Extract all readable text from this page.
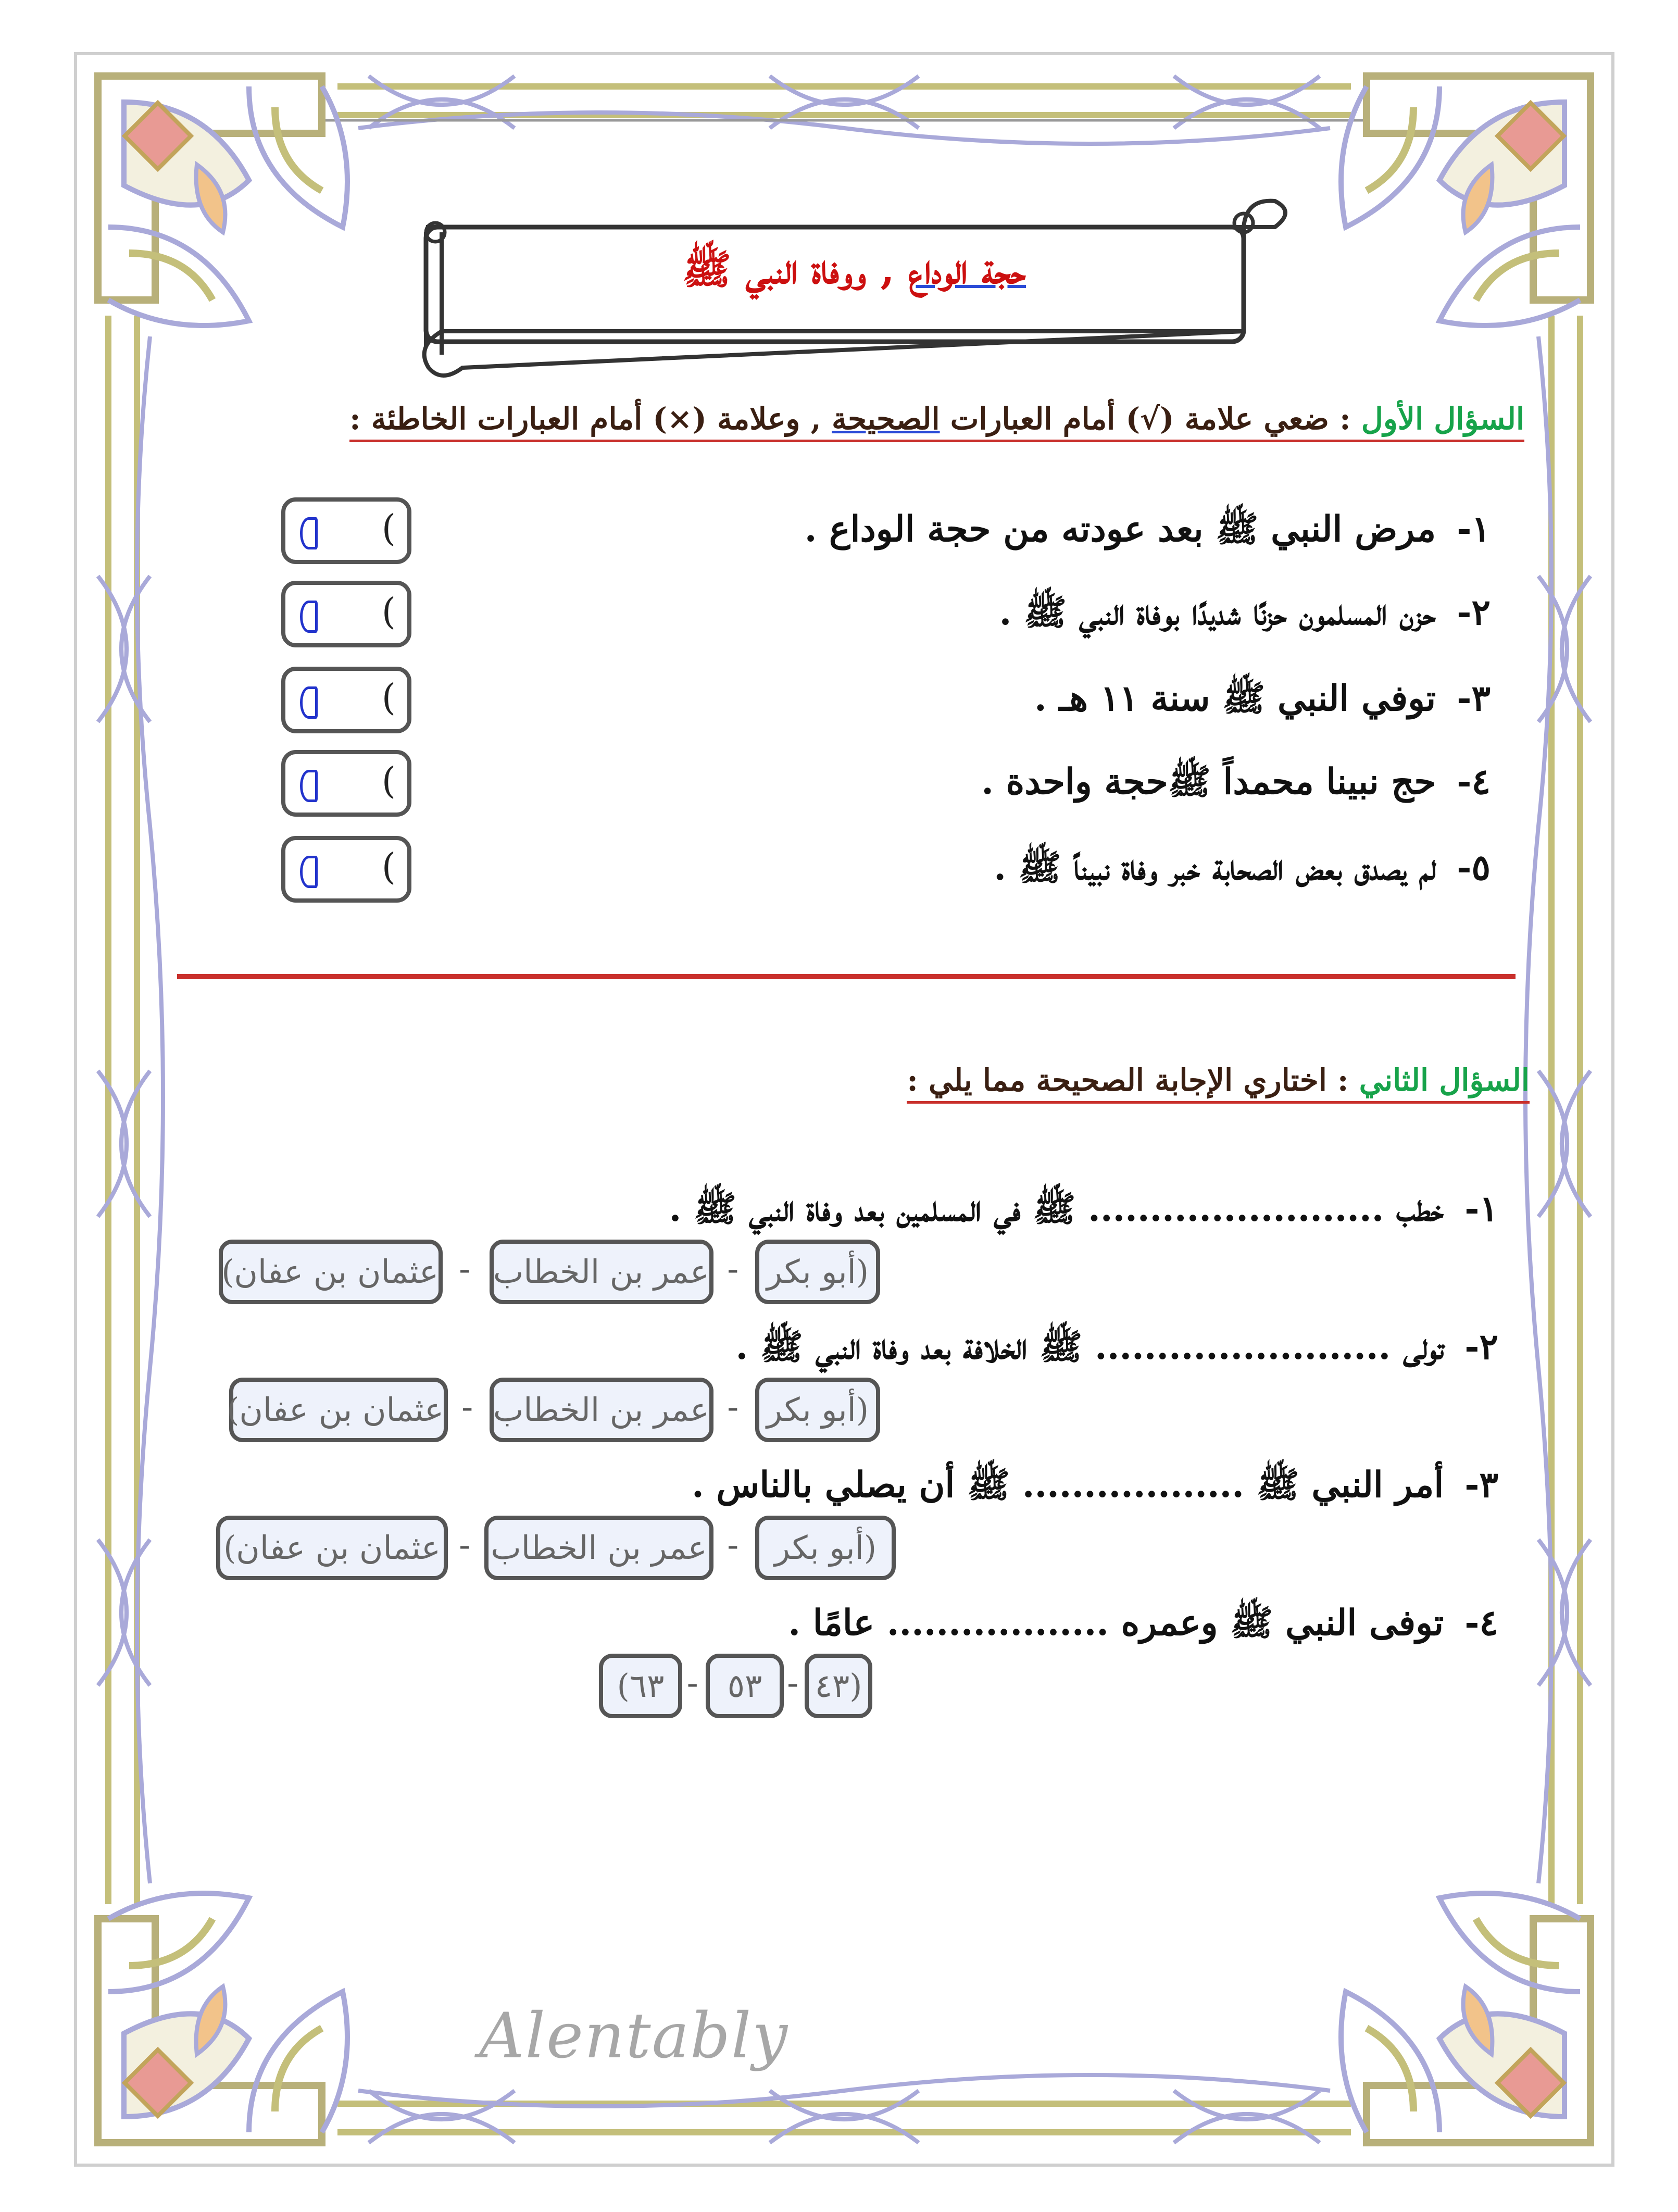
حجة الوداع , ووفاة النبي ﷺ
السؤال الأول : ضعي علامة (√) أمام العبارات الصحيحة , وعلامة (×) أمام العبارات الخاطئة :
١-مرض النبي ﷺ بعد عودته من حجة الوداع .
(
٢-حزن المسلمون حزنًا شديدًا بوفاة النبي ﷺ .
(
٣-توفي النبي ﷺ سنة ١١ هـ .
(
٤-حج نبينا محمداً ﷺحجة واحدة .
(
٥-لم يصدق بعض الصحابة خبر وفاة نبيناً ﷺ .
(
السؤال الثاني : اختاري الإجابة الصحيحة مما يلي :
١-خطب ........................ ﷺ في المسلمين بعد وفاة النبي ﷺ .
(أبو بكر
-
عمر بن الخطاب
-
عثمان بن عفان)
٢-تولى ........................ ﷺ الخلافة بعد وفاة النبي ﷺ .
(أبو بكر
-
عمر بن الخطاب
-
عثمان بن عفان)
٣-أمر النبي ﷺ .................. ﷺ أن يصلي بالناس .
(أبو بكر
-
عمر بن الخطاب
-
عثمان بن عفان)
٤-توفى النبي ﷺ وعمره .................. عامًا .
(٤٣
-
٥٣
-
٦٣)
Alentably
